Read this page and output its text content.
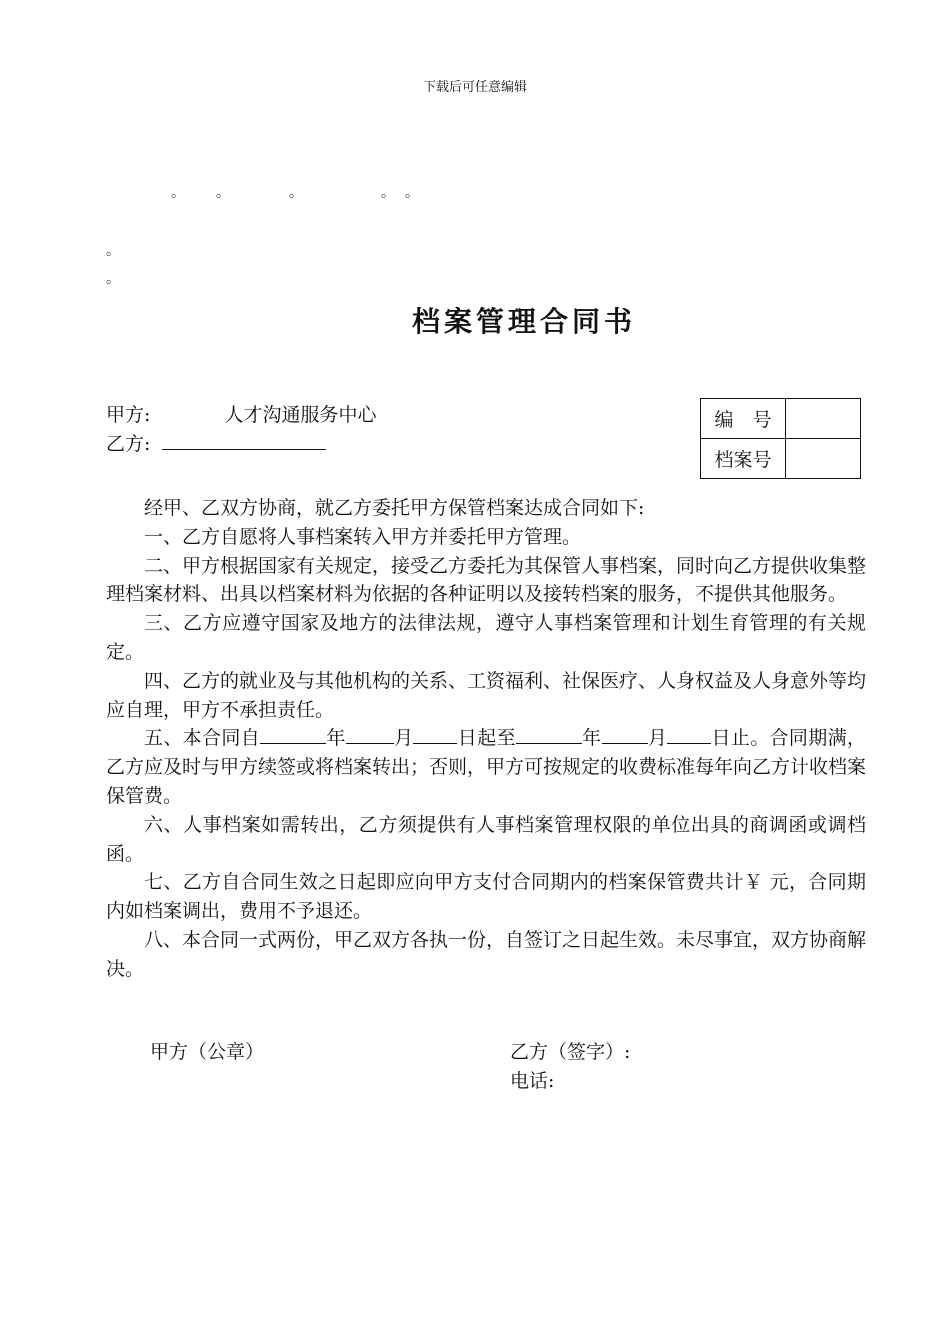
下载后可任意编辑
。 。	。	。 。
。
。
档案管理合同书
甲方:	人才沟通服务中心
乙方:
编　号	
档案号	

经甲、乙双方协商，就乙方委托甲方保管档案达成合同如下:

一、乙方自愿将人事档案转入甲方并委托甲方管理。

二、甲方根据国家有关规定，接受乙方委托为其保管人事档案，同时向乙方提供收集整理档案材料、出具以档案材料为依据的各种证明以及接转档案的服务，不提供其他服务。

三、乙方应遵守国家及地方的法律法规，遵守人事档案管理和计划生育管理的有关规定。

四、乙方的就业及与其他机构的关系、工资福利、社保医疗、人身权益及人身意外等均应自理，甲方不承担责任。

五、本合同自	年	月 日起至	年 月 日止。合同期满，乙方应及时与甲方续签或将档案转出；否则，甲方可按规定的收费标准每年向乙方计收档案保管费。

六、人事档案如需转出，乙方须提供有人事档案管理权限的单位出具的商调函或调档函。

七、乙方自合同生效之日起即应向甲方支付合同期内的档案保管费共计￥ 元，合同期内如档案调出，费用不予退还。

八、本合同一式两份，甲乙双方各执一份，自签订之日起生效。未尽事宜，双方协商解决。

甲方（公章）	乙方（签字）:
电话:
